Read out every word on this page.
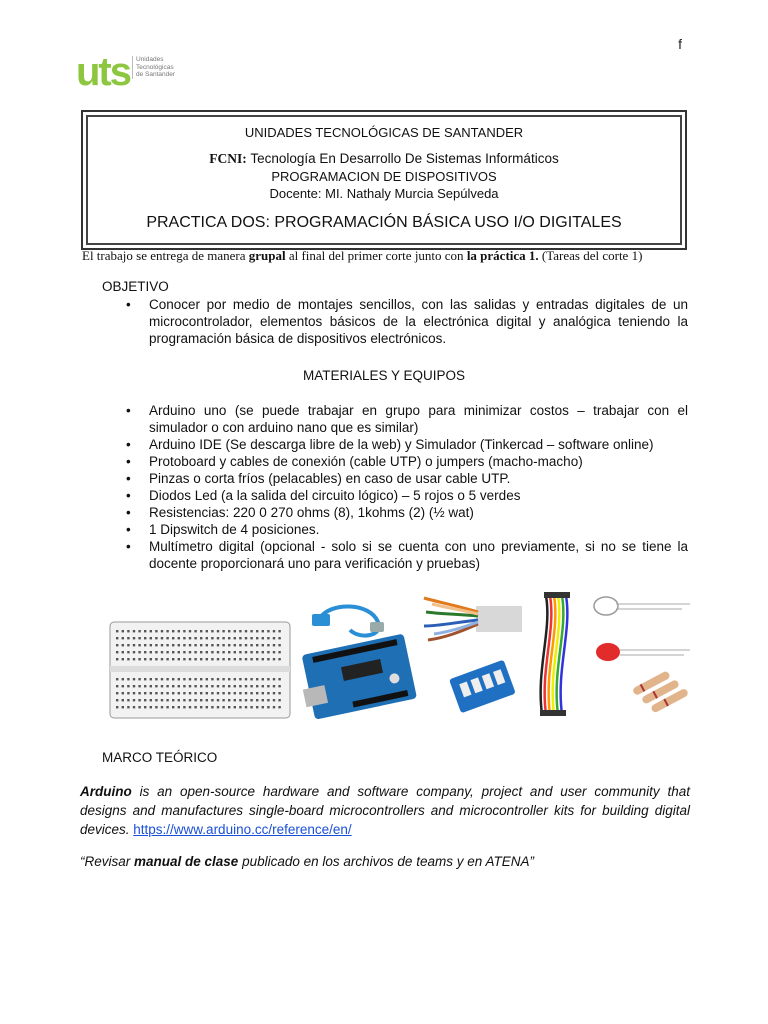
f
uts Unidades
Tecnológicas
de Santander
UNIDADES TECNOLÓGICAS DE SANTANDER
FCNI: Tecnología En Desarrollo De Sistemas Informáticos
PROGRAMACION DE DISPOSITIVOS
Docente: MI. Nathaly Murcia Sepúlveda
PRACTICA DOS: PROGRAMACIÓN BÁSICA USO I/O DIGITALES
El trabajo se entrega de manera grupal al final del primer corte junto con la práctica 1. (Tareas del corte 1)
OBJETIVO
• Conocer por medio de montajes sencillos, con las salidas y entradas digitales de un microcontrolador, elementos básicos de la electrónica digital y analógica teniendo la programación básica de dispositivos electrónicos.
MATERIALES Y EQUIPOS
• Arduino uno (se puede trabajar en grupo para minimizar costos – trabajar con el simulador o con arduino nano que es similar)
• Arduino IDE (Se descarga libre de la web) y Simulador (Tinkercad – software online)
• Protoboard y cables de conexión (cable UTP) o jumpers (macho-macho)
• Pinzas o corta fríos (pelacables) en caso de usar cable UTP.
• Diodos Led (a la salida del circuito lógico) – 5 rojos o 5 verdes
• Resistencias: 220 0 270 ohms (8), 1kohms (2) (½ wat)
• 1 Dipswitch de 4 posiciones.
• Multímetro digital (opcional - solo si se cuenta con uno previamente, si no se tiene la docente proporcionará uno para verificación y pruebas)
MARCO TEÓRICO
Arduino is an open-source hardware and software company, project and user community that designs and manufactures single-board microcontrollers and microcontroller kits for building digital devices. https://www.arduino.cc/reference/en/
“Revisar manual de clase publicado en los archivos de teams y en ATENA”
